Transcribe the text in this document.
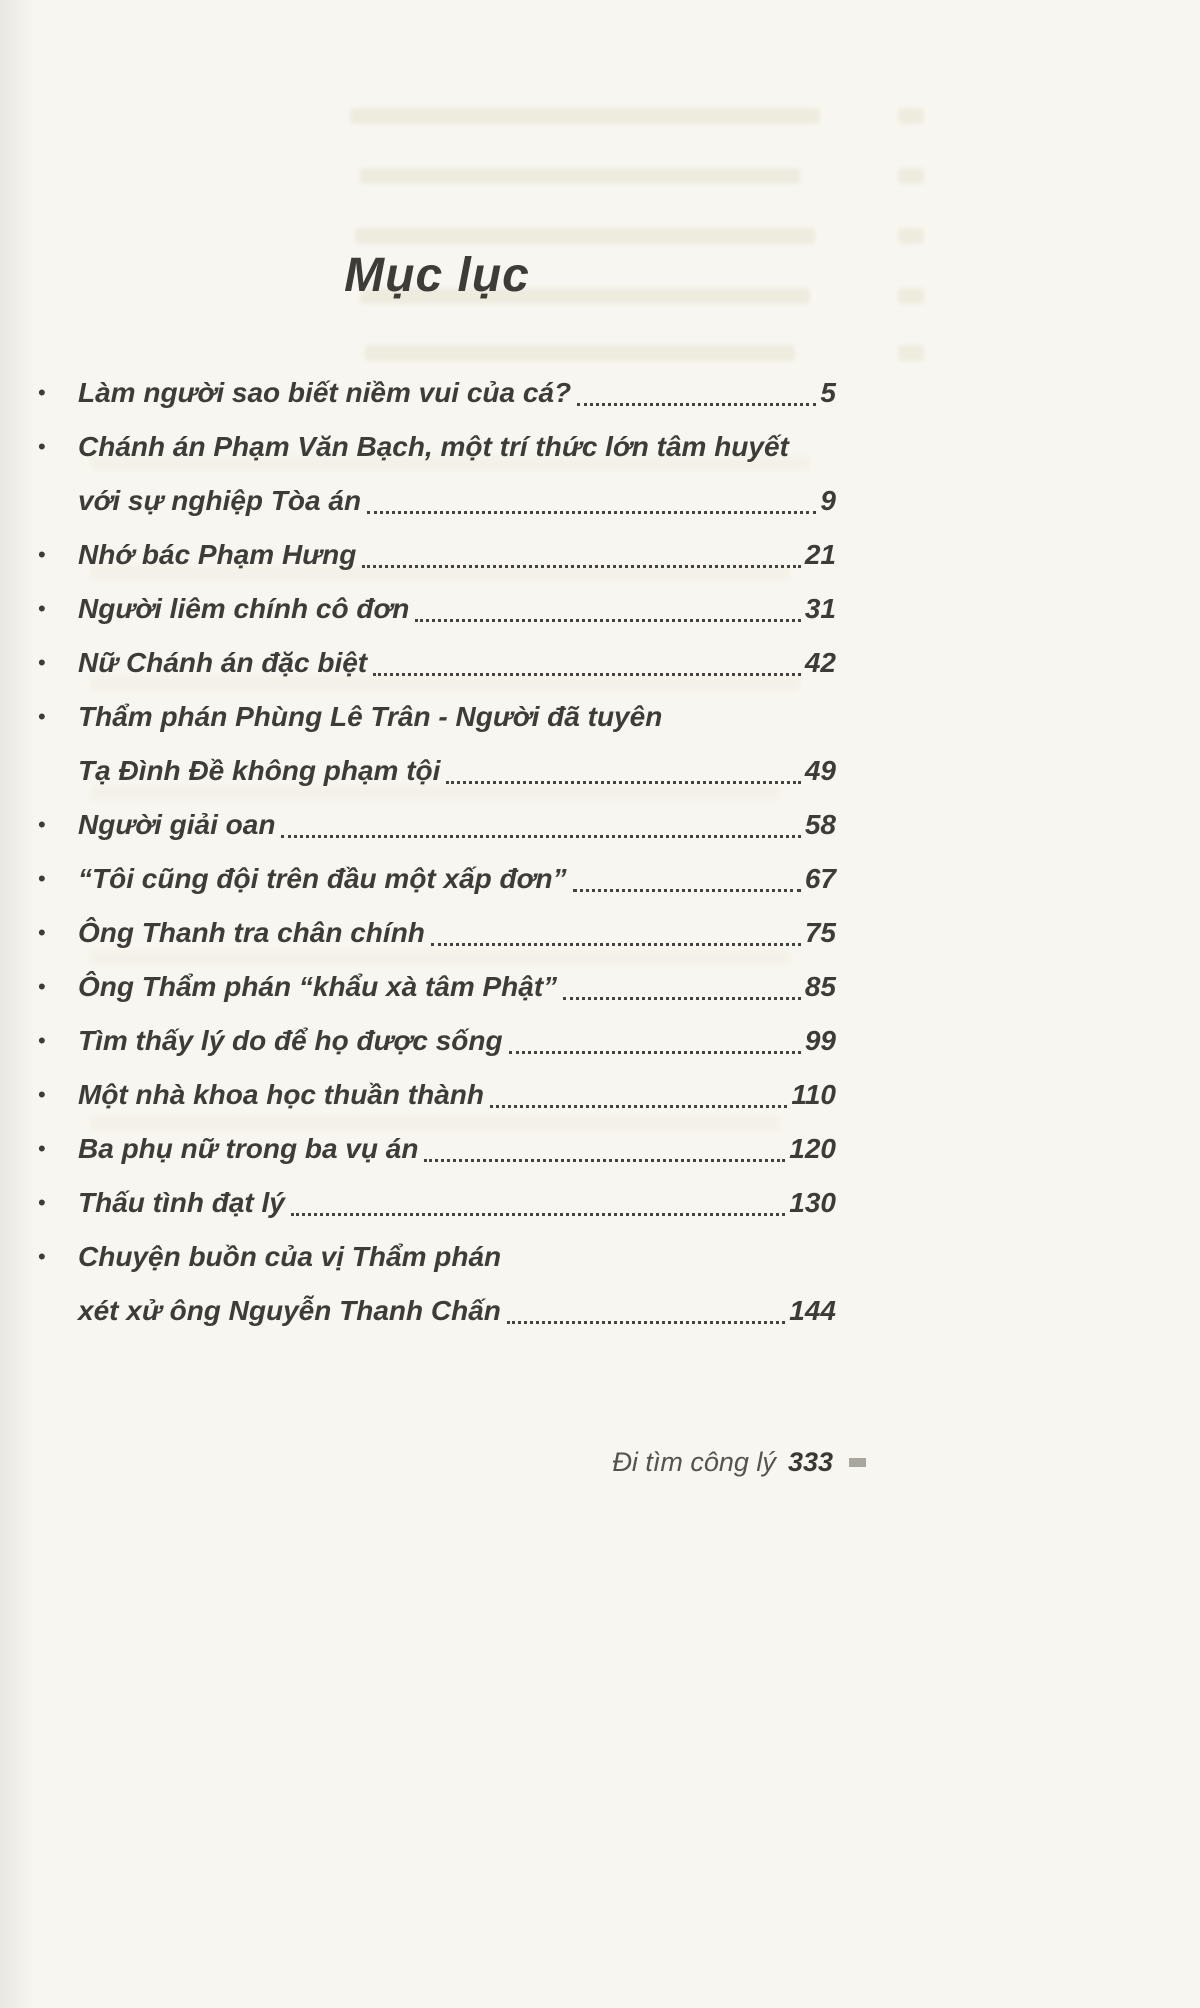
Mục lục
•	Làm người sao biết niềm vui của cá?	5
•	Chánh án Phạm Văn Bạch, một trí thức lớn tâm huyết
với sự nghiệp Tòa án	9
•	Nhớ bác Phạm Hưng	21
•	Người liêm chính cô đơn	31
•	Nữ Chánh án đặc biệt	42
•	Thẩm phán Phùng Lê Trân - Người đã tuyên
Tạ Đình Đề không phạm tội	49
•	Người giải oan	58
•	“Tôi cũng đội trên đầu một xấp đơn”	67
•	Ông Thanh tra chân chính	75
•	Ông Thẩm phán “khẩu xà tâm Phật”	85
•	Tìm thấy lý do để họ được sống	99
•	Một nhà khoa học thuần thành	110
•	Ba phụ nữ trong ba vụ án	120
•	Thấu tình đạt lý	130
•	Chuyện buồn của vị Thẩm phán
xét xử ông Nguyễn Thanh Chấn	144
Đi tìm công lý 333
